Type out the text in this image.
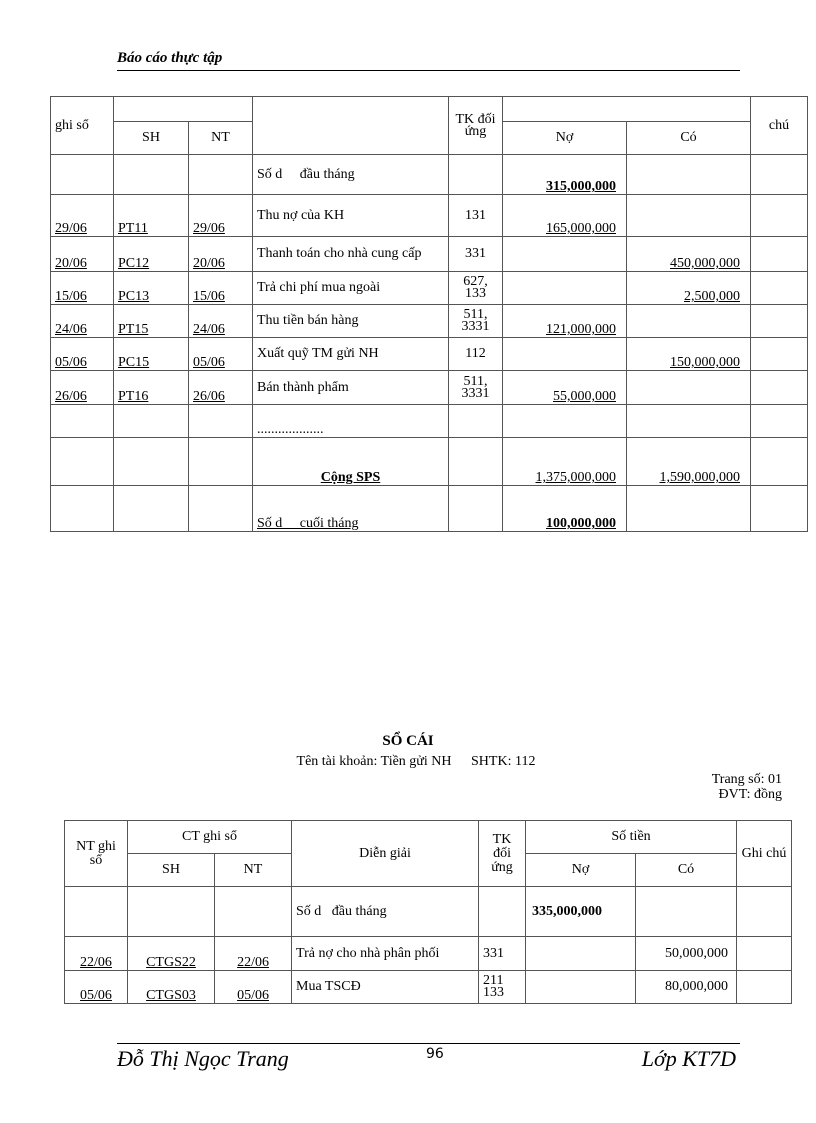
Báo cáo thực tập
ghi sổ				TK đối ứng			chú
	SH	NT			Nợ	Có	
			Số d     đầu tháng		315,000,000		
29/06	PT11	29/06	Thu nợ của KH	131	165,000,000		
20/06	PC12	20/06	Thanh toán cho nhà cung cấp	331		450,000,000	
15/06	PC13	15/06	Trả chi phí mua ngoài	627, 133		2,500,000	
24/06	PT15	24/06	Thu tiền bán hàng	511, 3331	121,000,000		
05/06	PC15	05/06	Xuất quỹ TM gửi NH	112		150,000,000	
26/06	PT16	26/06	Bán thành phẩm	511, 3331	55,000,000		
			...................				
			Cộng SPS		1,375,000,000	1,590,000,000	
			Số d     cuối tháng		100,000,000		
SỔ CÁI
Tên tài khoản: Tiền gửi NH SHTK: 112
Trang số: 01
ĐVT: đồng
NT ghi sổ	CT ghi sổ		Diễn giải	TK đối ứng	Số tiền		Ghi chú
	SH	NT			Nợ	Có	
			Số d   đầu tháng		335,000,000		
22/06	CTGS22	22/06	Trả nợ cho nhà phân phối	331		50,000,000	
05/06	CTGS03	05/06	Mua TSCĐ	211 133		80,000,000	
Đỗ Thị Ngọc Trang	96	Lớp KT7D
